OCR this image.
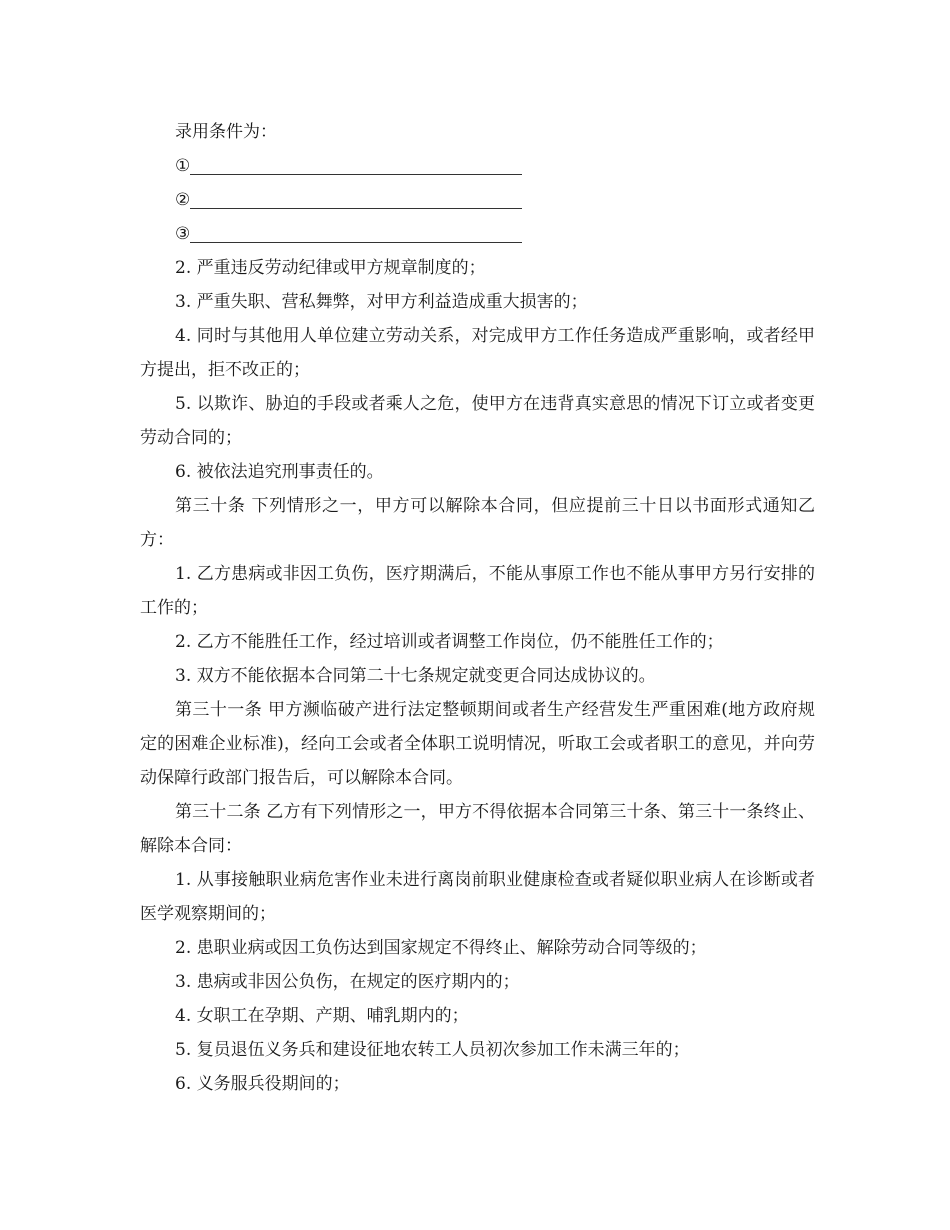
录用条件为：
①
②
③

2. 严重违反劳动纪律或甲方规章制度的；

3. 严重失职、营私舞弊，对甲方利益造成重大损害的；

4. 同时与其他用人单位建立劳动关系，对完成甲方工作任务造成严重影响，或者经甲方提出，拒不改正的；

5. 以欺诈、胁迫的手段或者乘人之危，使甲方在违背真实意思的情况下订立或者变更劳动合同的；

6. 被依法追究刑事责任的。

第三十条 下列情形之一，甲方可以解除本合同，但应提前三十日以书面形式通知乙方：

1. 乙方患病或非因工负伤，医疗期满后，不能从事原工作也不能从事甲方另行安排的工作的；

2. 乙方不能胜任工作，经过培训或者调整工作岗位，仍不能胜任工作的；

3. 双方不能依据本合同第二十七条规定就变更合同达成协议的。

第三十一条 甲方濒临破产进行法定整顿期间或者生产经营发生严重困难(地方政府规定的困难企业标准)，经向工会或者全体职工说明情况，听取工会或者职工的意见，并向劳动保障行政部门报告后，可以解除本合同。

第三十二条 乙方有下列情形之一，甲方不得依据本合同第三十条、第三十一条终止、解除本合同：

1. 从事接触职业病危害作业未进行离岗前职业健康检查或者疑似职业病人在诊断或者医学观察期间的；

2. 患职业病或因工负伤达到国家规定不得终止、解除劳动合同等级的；

3. 患病或非因公负伤，在规定的医疗期内的；

4. 女职工在孕期、产期、哺乳期内的；

5. 复员退伍义务兵和建设征地农转工人员初次参加工作未满三年的；

6. 义务服兵役期间的；
